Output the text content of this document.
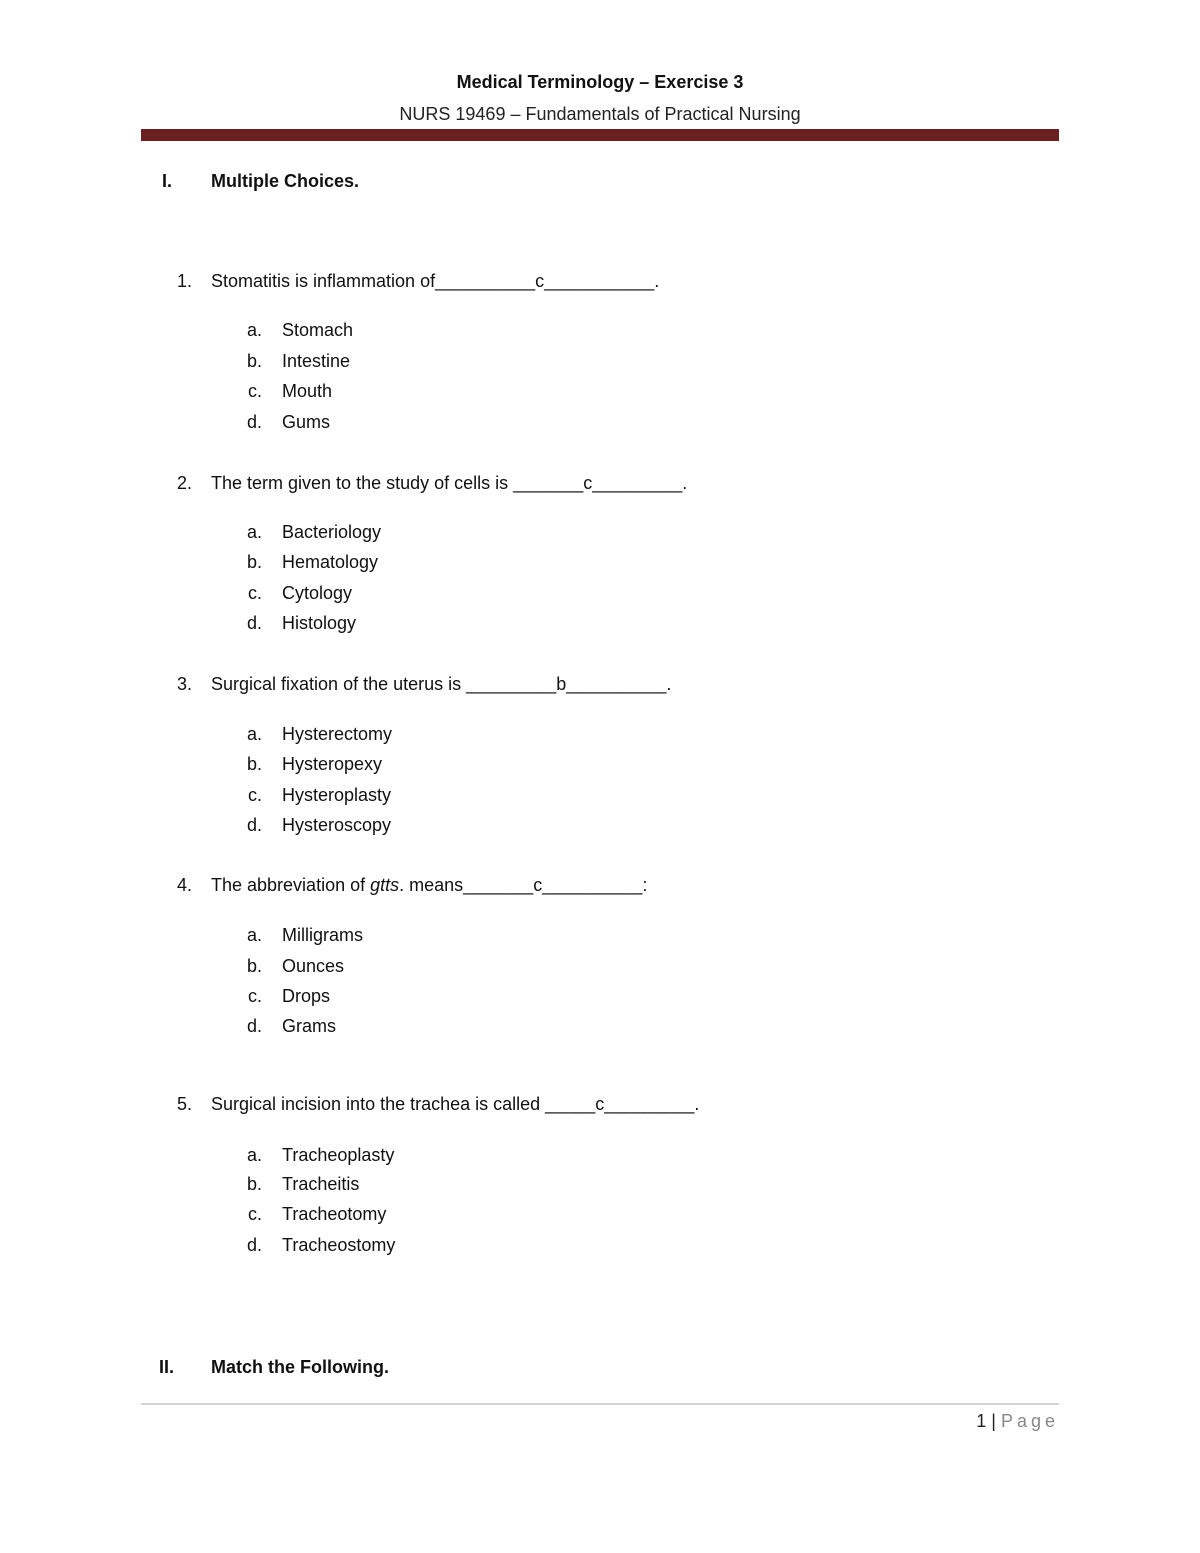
Medical Terminology – Exercise 3
NURS 19469 – Fundamentals of Practical Nursing
I. Multiple Choices.
1. Stomatitis is inflammation of__________c___________.
a. Stomach
b. Intestine
c. Mouth
d. Gums
2. The term given to the study of cells is _______c_________.
a. Bacteriology
b. Hematology
c. Cytology
d. Histology
3. Surgical fixation of the uterus is _________b__________.
a. Hysterectomy
b. Hysteropexy
c. Hysteroplasty
d. Hysteroscopy
4. The abbreviation of gtts. means_______c__________:
a. Milligrams
b. Ounces
c. Drops
d. Grams
5. Surgical incision into the trachea is called _____c_________.
a. Tracheoplasty
b. Tracheitis
c. Tracheotomy
d. Tracheostomy
II. Match the Following.
1 | Page
